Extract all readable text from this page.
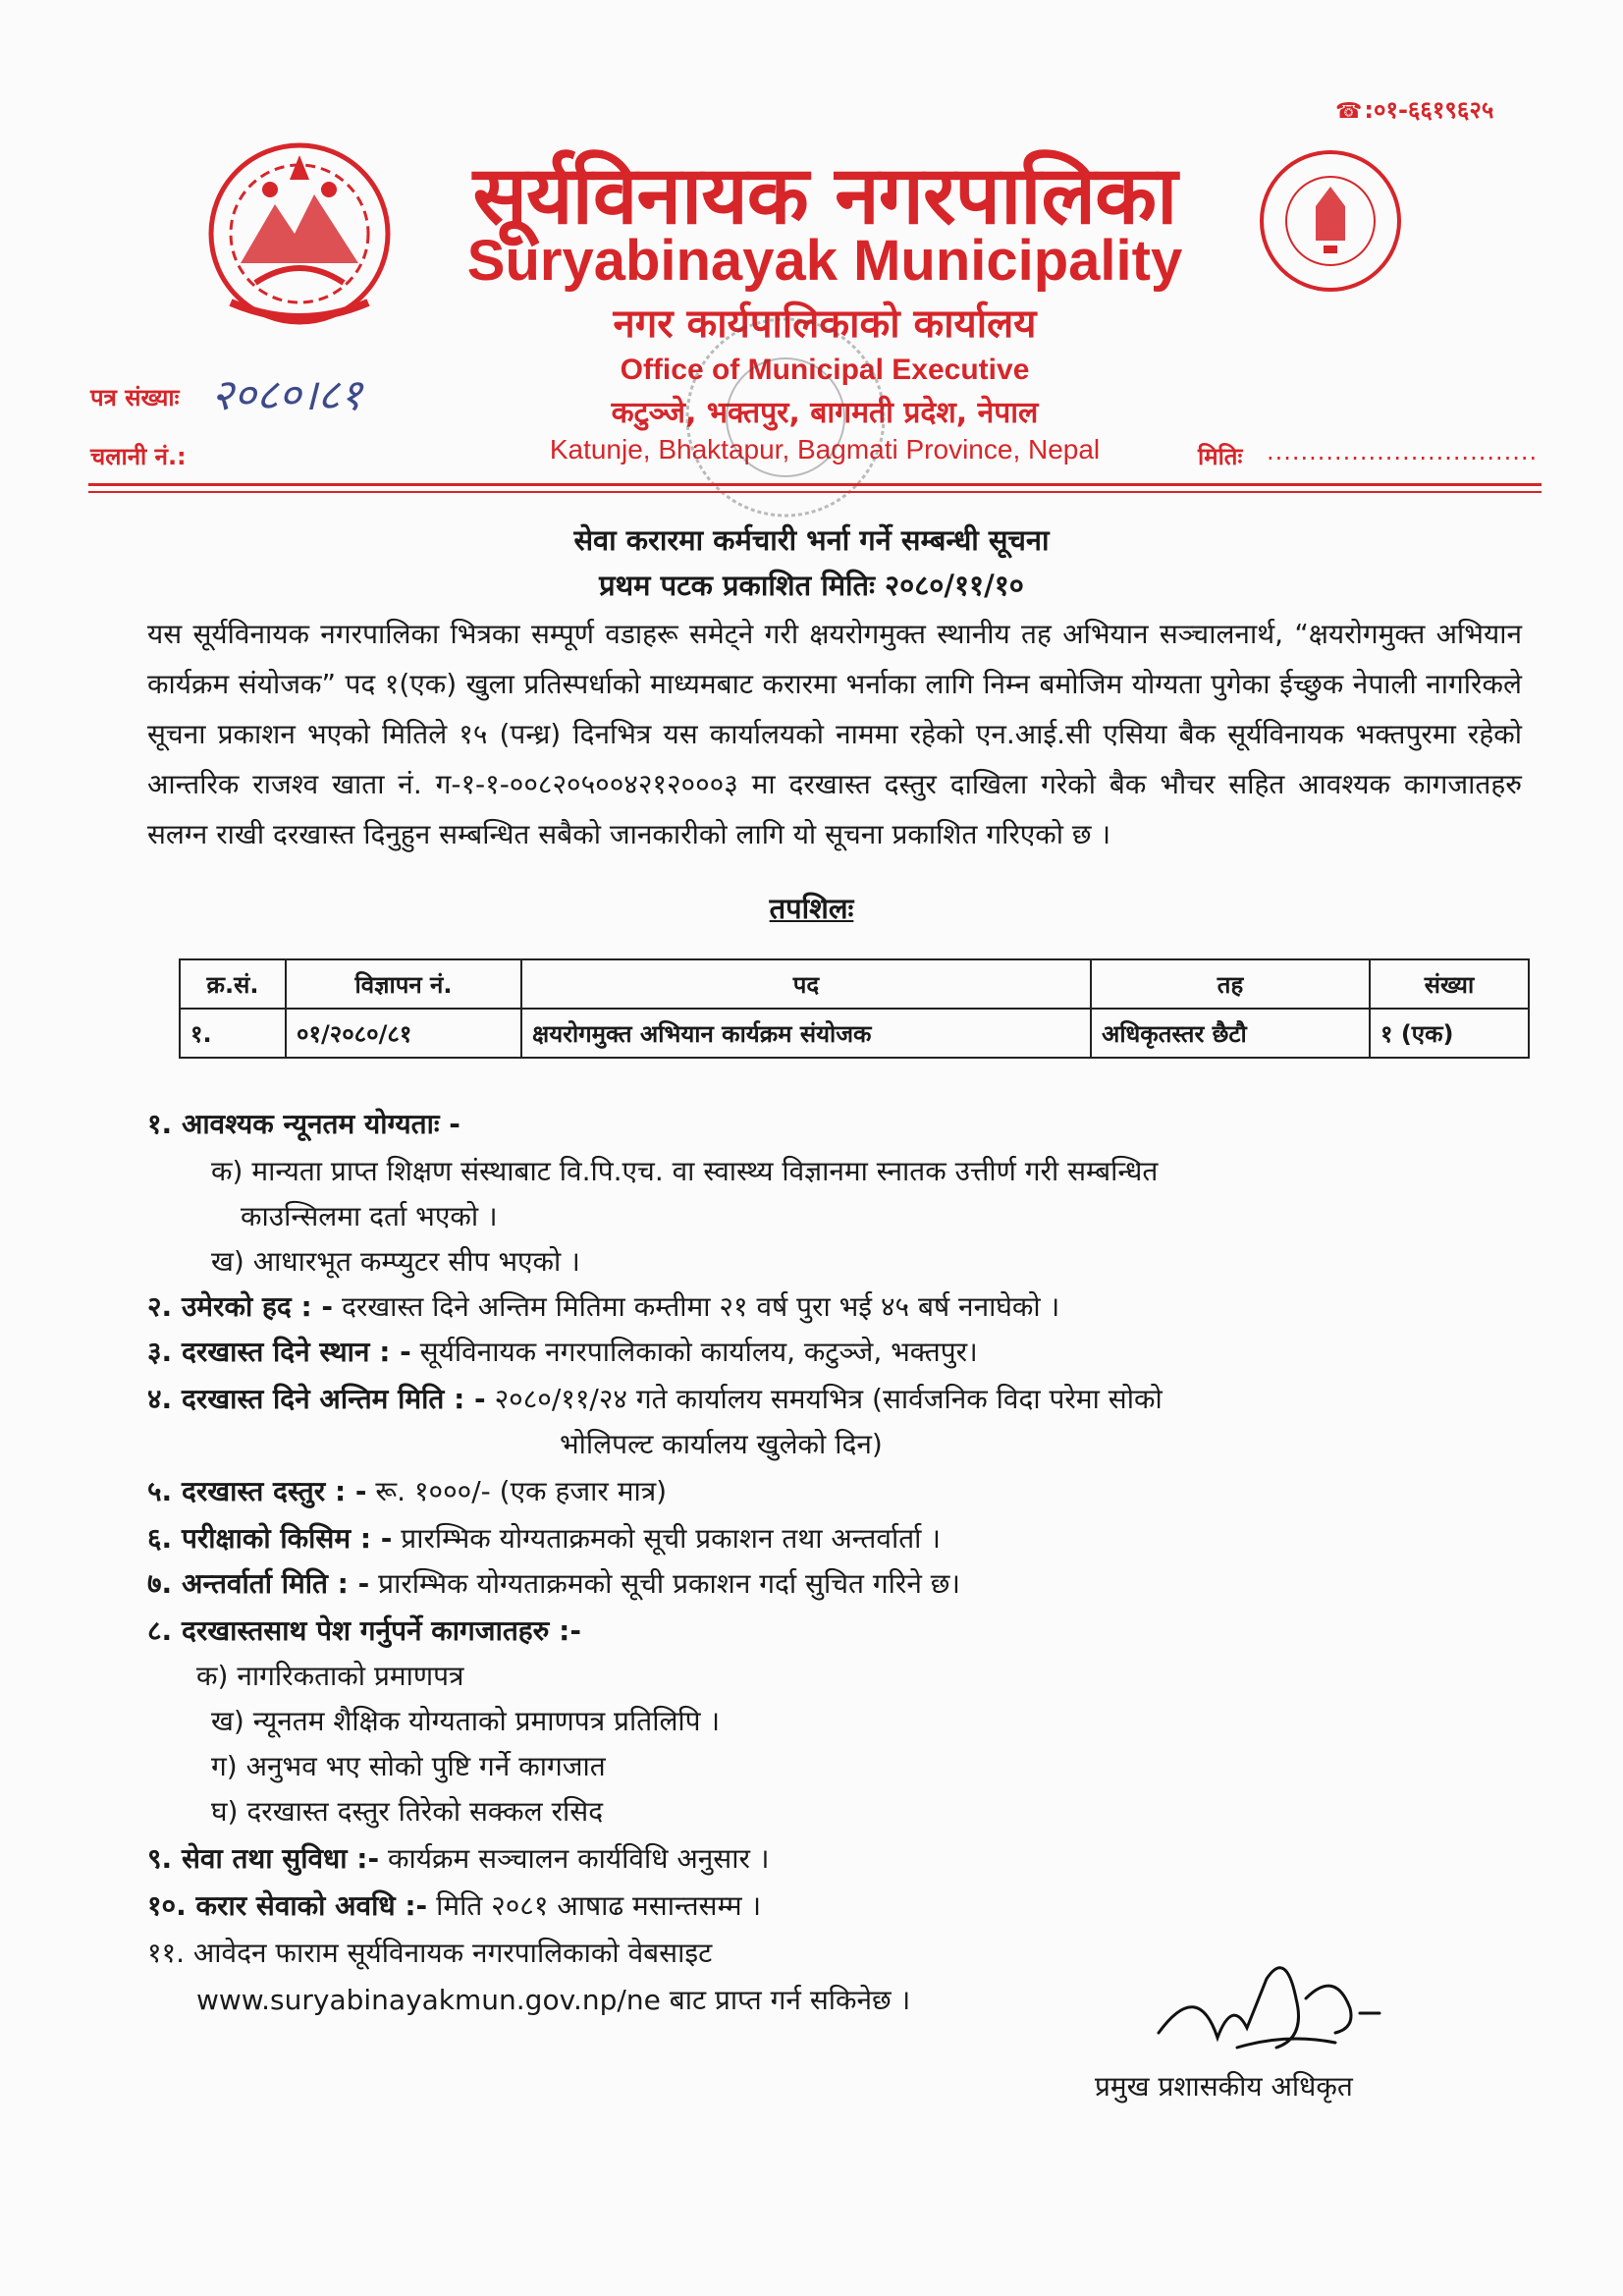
☎:०१-६६१९६२५
सूर्यविनायक नगरपालिका
Suryabinayak Municipality
नगर कार्यपालिकाको कार्यालय
Office of Municipal Executive
कटुञ्जे, भक्तपुर, बागमती प्रदेश, नेपाल
Katunje, Bhaktapur, Bagmati Province, Nepal
पत्र संख्याः २०८०।८१
चलानी नं.:	मितिः ................................
सेवा करारमा कर्मचारी भर्ना गर्ने सम्बन्धी सूचना
प्रथम पटक प्रकाशित मितिः २०८०/११/१०
यस सूर्यविनायक नगरपालिका भित्रका सम्पूर्ण वडाहरू समेट्ने गरी क्षयरोगमुक्त स्थानीय तह अभियान सञ्चालनार्थ, “क्षयरोगमुक्त अभियान कार्यक्रम संयोजक” पद १(एक) खुला प्रतिस्पर्धाको माध्यमबाट करारमा भर्नाका लागि निम्न बमोजिम योग्यता पुगेका ईच्छुक नेपाली नागरिकले सूचना प्रकाशन भएको मितिले १५ (पन्ध्र) दिनभित्र यस कार्यालयको नाममा रहेको एन.आई.सी एसिया बैक सूर्यविनायक भक्तपुरमा रहेको आन्तरिक राजश्व खाता नं. ग-१-१-००८२०५००४२१२०००३ मा दरखास्त दस्तुर दाखिला गरेको बैक भौचर सहित आवश्यक कागजातहरु सलग्न राखी दरखास्त दिनुहुन सम्बन्धित सबैको जानकारीको लागि यो सूचना प्रकाशित गरिएको छ ।
तपशिलः
क्र.सं.	विज्ञापन नं.	पद	तह	संख्या
१.	०१/२०८०/८१	क्षयरोगमुक्त अभियान कार्यक्रम संयोजक	अधिकृतस्तर छैटौ	१ (एक)
१. आवश्यक न्यूनतम योग्यताः -
क) मान्यता प्राप्त शिक्षण संस्थाबाट वि.पि.एच. वा स्वास्थ्य विज्ञानमा स्नातक उत्तीर्ण गरी सम्बन्धित
काउन्सिलमा दर्ता भएको ।
ख) आधारभूत कम्प्युटर सीप भएको ।
२. उमेरको हद : - दरखास्त दिने अन्तिम मितिमा कम्तीमा २१ वर्ष पुरा भई ४५ बर्ष ननाघेको ।
३. दरखास्त दिने स्थान : - सूर्यविनायक नगरपालिकाको कार्यालय, कटुञ्जे, भक्तपुर।
४. दरखास्त दिने अन्तिम मिति : - २०८०/११/२४ गते कार्यालय समयभित्र (सार्वजनिक विदा परेमा सोको
भोलिपल्ट कार्यालय खुलेको दिन)
५. दरखास्त दस्तुर : - रू. १०००/- (एक हजार मात्र)
६. परीक्षाको किसिम : - प्रारम्भिक योग्यताक्रमको सूची प्रकाशन तथा अन्तर्वार्ता ।
७. अन्तर्वार्ता मिति : - प्रारम्भिक योग्यताक्रमको सूची प्रकाशन गर्दा सुचित गरिने छ।
८. दरखास्तसाथ पेश गर्नुपर्ने कागजातहरु :-
क) नागरिकताको प्रमाणपत्र
ख) न्यूनतम शैक्षिक योग्यताको प्रमाणपत्र प्रतिलिपि ।
ग) अनुभव भए सोको पुष्टि गर्ने कागजात
घ) दरखास्त दस्तुर तिरेको सक्कल रसिद
९. सेवा तथा सुविधा :- कार्यक्रम सञ्चालन कार्यविधि अनुसार ।
१०. करार सेवाको अवधि :- मिति २०८१ आषाढ मसान्तसम्म ।
११. आवेदन फाराम सूर्यविनायक नगरपालिकाको वेबसाइट
www.suryabinayakmun.gov.np/ne बाट प्राप्त गर्न सकिनेछ ।
प्रमुख प्रशासकीय अधिकृत
